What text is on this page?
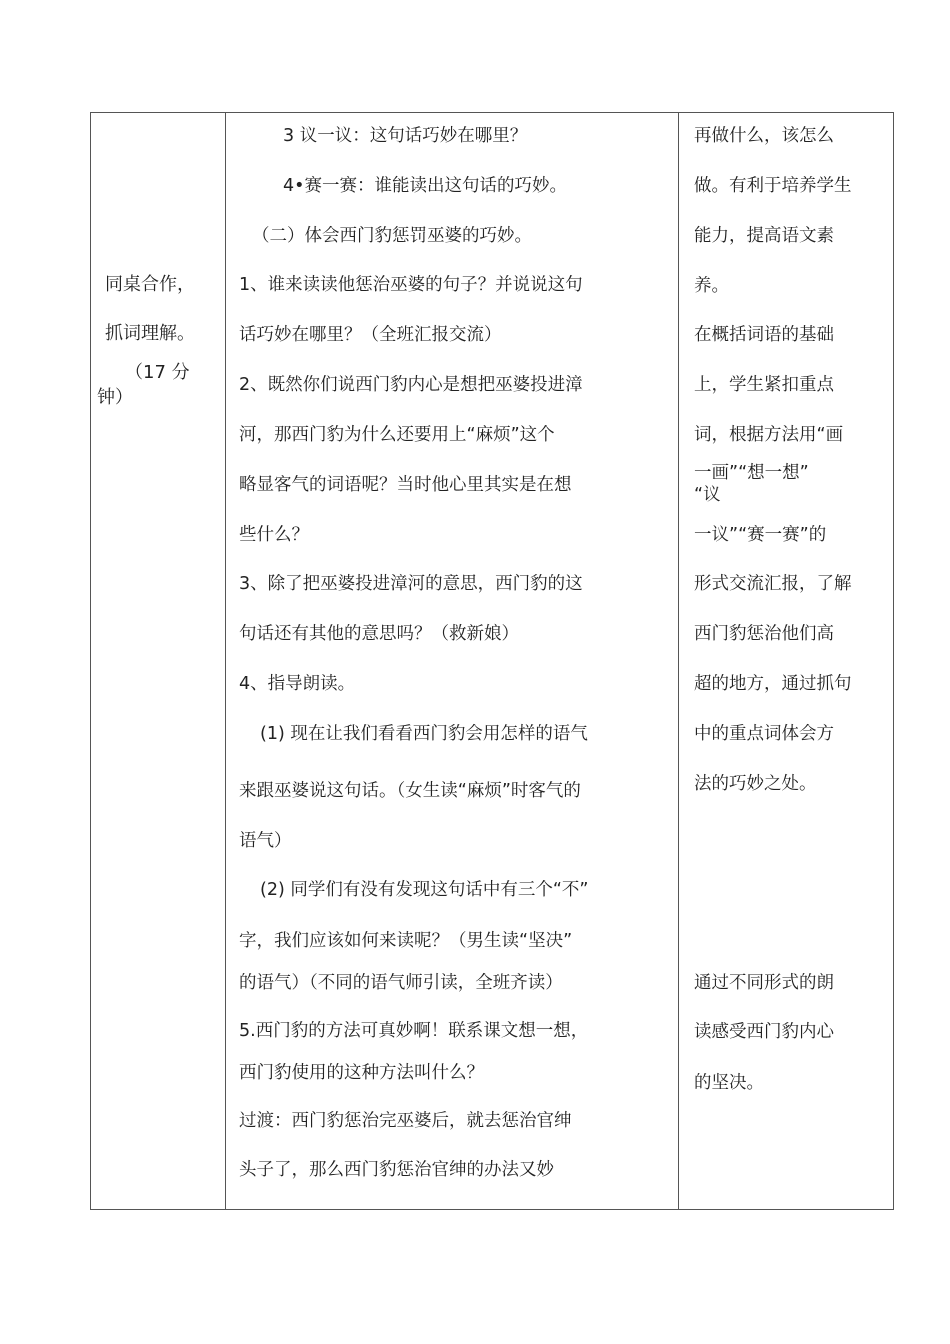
同桌合作，
抓词理解。
（17 分
钟）
3 议一议：这句话巧妙在哪里？
4•赛一赛：谁能读出这句话的巧妙。
（二）体会西门豹惩罚巫婆的巧妙。
1、谁来读读他惩治巫婆的句子？并说说这句
话巧妙在哪里？（全班汇报交流）
2、既然你们说西门豹内心是想把巫婆投进漳
河，那西门豹为什么还要用上“麻烦”这个
略显客气的词语呢？当时他心里其实是在想
些什么？
3、除了把巫婆投进漳河的意思，西门豹的这
句话还有其他的意思吗？（救新娘）
4、指导朗读。
(1) 现在让我们看看西门豹会用怎样的语气
来跟巫婆说这句话。（女生读“麻烦”时客气的
语气）
(2) 同学们有没有发现这句话中有三个“不”
字，我们应该如何来读呢？（男生读“坚决”
的语气）（不同的语气师引读，全班齐读）
5.西门豹的方法可真妙啊！联系课文想一想，
西门豹使用的这种方法叫什么？
过渡：西门豹惩治完巫婆后，就去惩治官绅
头子了，那么西门豹惩治官绅的办法又妙
再做什么，该怎么
做。有利于培养学生
能力，提高语文素
养。
在概括词语的基础
上，学生紧扣重点
词，根据方法用“画
一画”“想一想”
“议
一议”“赛一赛”的
形式交流汇报，了解
西门豹惩治他们高
超的地方，通过抓句
中的重点词体会方
法的巧妙之处。
通过不同形式的朗
读感受西门豹内心
的坚决。
